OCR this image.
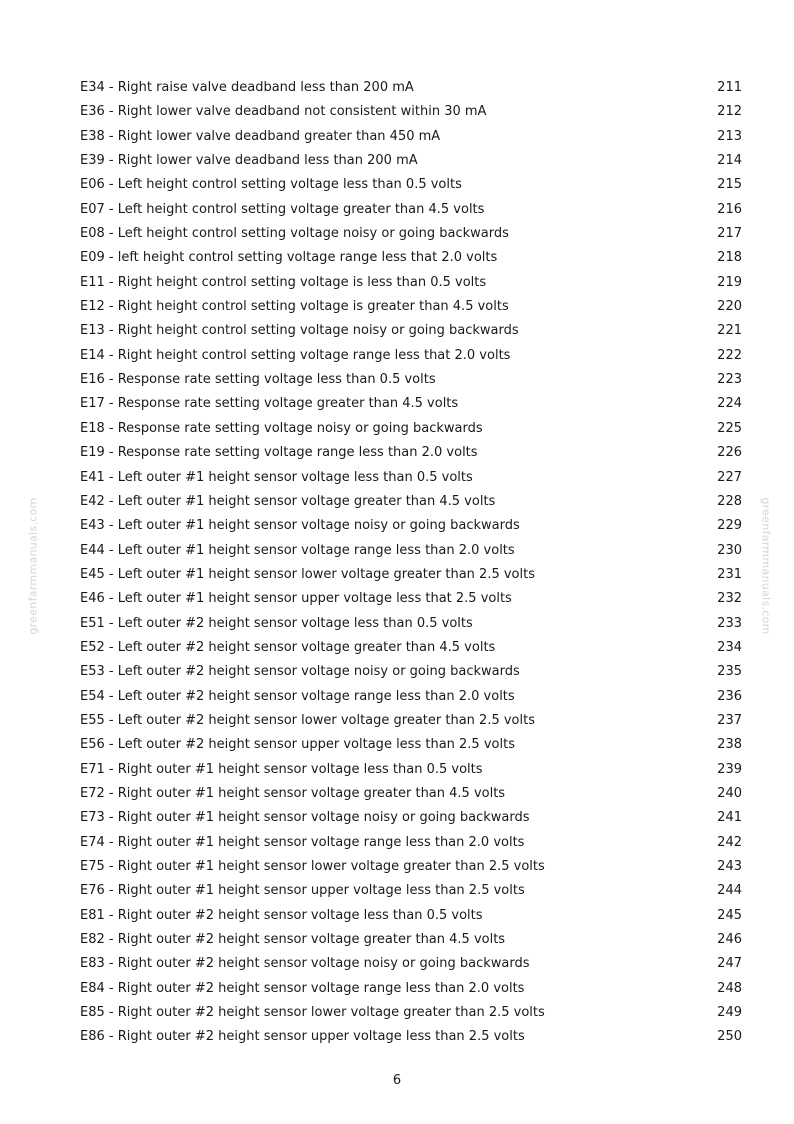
E34 - Right raise valve deadband less than 200 mA	211
E36 - Right lower valve deadband not consistent within 30 mA	212
E38 - Right lower valve deadband greater than 450 mA	213
E39 - Right lower valve deadband less than 200 mA	214
E06 - Left height control setting voltage less than 0.5 volts	215
E07 - Left height control setting voltage greater than 4.5 volts	216
E08 - Left height control setting voltage noisy or going backwards	217
E09 - left height control setting voltage range less that 2.0 volts	218
E11 - Right height control setting voltage is less than 0.5 volts	219
E12 - Right height control setting voltage is greater than 4.5 volts	220
E13 - Right height control setting voltage noisy or going backwards	221
E14 - Right height control setting voltage range less that 2.0 volts	222
E16 - Response rate setting voltage less than 0.5 volts	223
E17 - Response rate setting voltage greater than 4.5 volts	224
E18 - Response rate setting voltage noisy or going backwards	225
E19 - Response rate setting voltage range less than 2.0 volts	226
E41 - Left outer #1 height sensor voltage less than 0.5 volts	227
E42 - Left outer #1 height sensor voltage greater than 4.5 volts	228
E43 - Left outer #1 height sensor voltage noisy or going backwards	229
E44 - Left outer #1 height sensor voltage range less than 2.0 volts	230
E45 - Left outer #1 height sensor lower voltage greater than 2.5 volts	231
E46 - Left outer #1 height sensor upper voltage less that 2.5 volts	232
E51 - Left outer #2 height sensor voltage less than 0.5 volts	233
E52 - Left outer #2 height sensor voltage greater than 4.5 volts	234
E53 - Left outer #2 height sensor voltage noisy or going backwards	235
E54 - Left outer #2 height sensor voltage range less than 2.0 volts	236
E55 - Left outer #2 height sensor lower voltage greater than 2.5 volts	237
E56 - Left outer #2 height sensor upper voltage less than 2.5 volts	238
E71 - Right outer #1 height sensor voltage less than 0.5 volts	239
E72 - Right outer #1 height sensor voltage greater than 4.5 volts	240
E73 - Right outer #1 height sensor voltage noisy or going backwards	241
E74 - Right outer #1 height sensor voltage range less than 2.0 volts	242
E75 - Right outer #1 height sensor lower voltage greater than 2.5 volts	243
E76 - Right outer #1 height sensor upper voltage less than 2.5 volts	244
E81 - Right outer #2 height sensor voltage less than 0.5 volts	245
E82 - Right outer #2 height sensor voltage greater than 4.5 volts	246
E83 - Right outer #2 height sensor voltage noisy or going backwards	247
E84 - Right outer #2 height sensor voltage range less than 2.0 volts	248
E85 - Right outer #2 height sensor lower voltage greater than 2.5 volts	249
E86 - Right outer #2 height sensor upper voltage less than 2.5 volts	250
greenfarmmanuals.com	greenfarmmanuals.com
6
